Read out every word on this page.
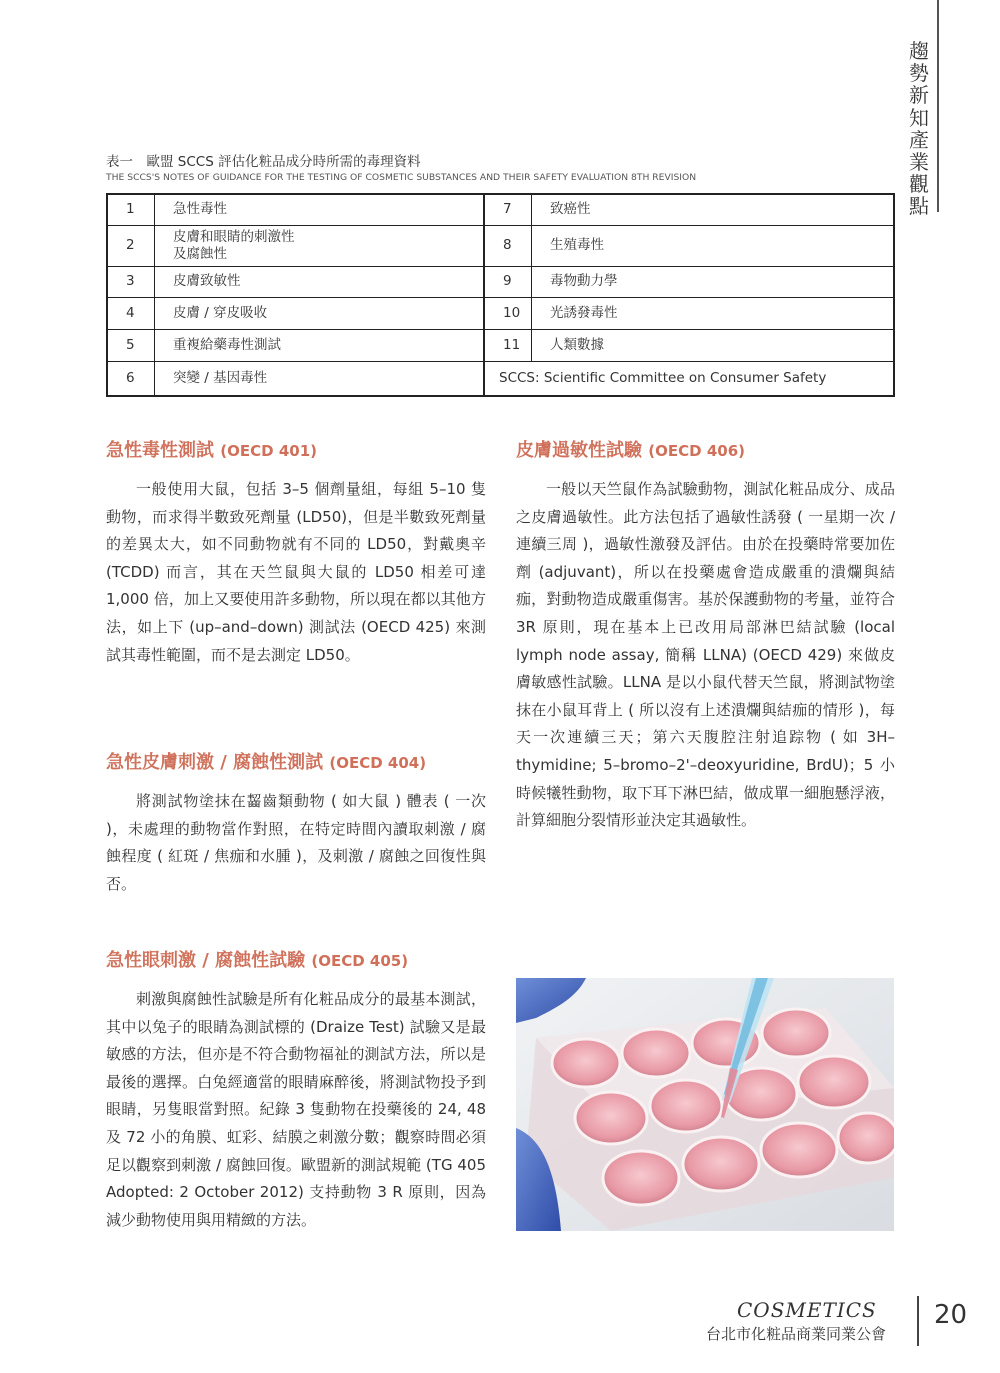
趨勢新知產業觀點
表一　歐盟 SCCS 評估化粧品成分時所需的毒理資料
THE SCCS'S NOTES OF GUIDANCE FOR THE TESTING OF COSMETIC SUBSTANCES AND THEIR SAFETY EVALUATION 8TH REVISION
1	急性毒性	7	致癌性
2	皮膚和眼睛的刺激性
及腐蝕性	8	生殖毒性
3	皮膚致敏性	9	毒物動力學
4	皮膚 / 穿皮吸收	10	光誘發毒性
5	重複給藥毒性測試	11	人類數據
6	突變 / 基因毒性	SCCS: Scientific Committee on Consumer Safety	
急性毒性測試 (OECD 401)

一般使用大鼠，包括 3–5 個劑量組，每組 5–10 隻動物，而求得半數致死劑量 (LD50)，但是半數致死劑量的差異太大，如不同動物就有不同的 LD50，對戴奧辛 (TCDD) 而言，其在天竺鼠與大鼠的 LD50 相差可達 1,000 倍，加上又要使用許多動物，所以現在都以其他方法，如上下 (up–and–down) 測試法 (OECD 425) 來測試其毒性範圍，而不是去測定 LD50。

急性皮膚刺激 / 腐蝕性測試 (OECD 404)

將測試物塗抹在齧齒類動物 ( 如大鼠 ) 體表 ( 一次 )，未處理的動物當作對照，在特定時間內讀取刺激 / 腐蝕程度 ( 紅斑 / 焦痂和水腫 )，及刺激 / 腐蝕之回復性與否。

急性眼刺激 / 腐蝕性試驗 (OECD 405)

刺激與腐蝕性試驗是所有化粧品成分的最基本測試，其中以兔子的眼睛為測試標的 (Draize Test) 試驗又是最敏感的方法，但亦是不符合動物福祉的測試方法，所以是最後的選擇。白兔經適當的眼睛麻醉後，將測試物投予到眼睛，另隻眼當對照。紀錄 3 隻動物在投藥後的 24, 48 及 72 小的角膜、虹彩、結膜之刺激分數；觀察時間必須足以觀察到刺激 / 腐蝕回復。歐盟新的測試規範 (TG 405 Adopted: 2 October 2012) 支持動物 3 R 原則，因為減少動物使用與用精緻的方法。

皮膚過敏性試驗 (OECD 406)

一般以天竺鼠作為試驗動物，測試化粧品成分、成品之皮膚過敏性。此方法包括了過敏性誘發 ( 一星期一次 / 連續三周 )，過敏性激發及評估。由於在投藥時常要加佐劑 (adjuvant)，所以在投藥處會造成嚴重的潰爛與結痂，對動物造成嚴重傷害。基於保護動物的考量，並符合 3R 原則，現在基本上已改用局部淋巴結試驗 (local lymph node assay, 簡稱 LLNA) (OECD 429) 來做皮膚敏感性試驗。LLNA 是以小鼠代替天竺鼠，將測試物塗抹在小鼠耳背上 ( 所以沒有上述潰爛與結痂的情形 )，每天一次連續三天；第六天腹腔注射追踪物 ( 如 3H–thymidine; 5–bromo–2'–deoxyuridine, BrdU)；5 小時候犧牲動物，取下耳下淋巴結，做成單一細胞懸浮液，計算細胞分裂情形並決定其過敏性。

COSMETICS
台北市化粧品商業同業公會
20
